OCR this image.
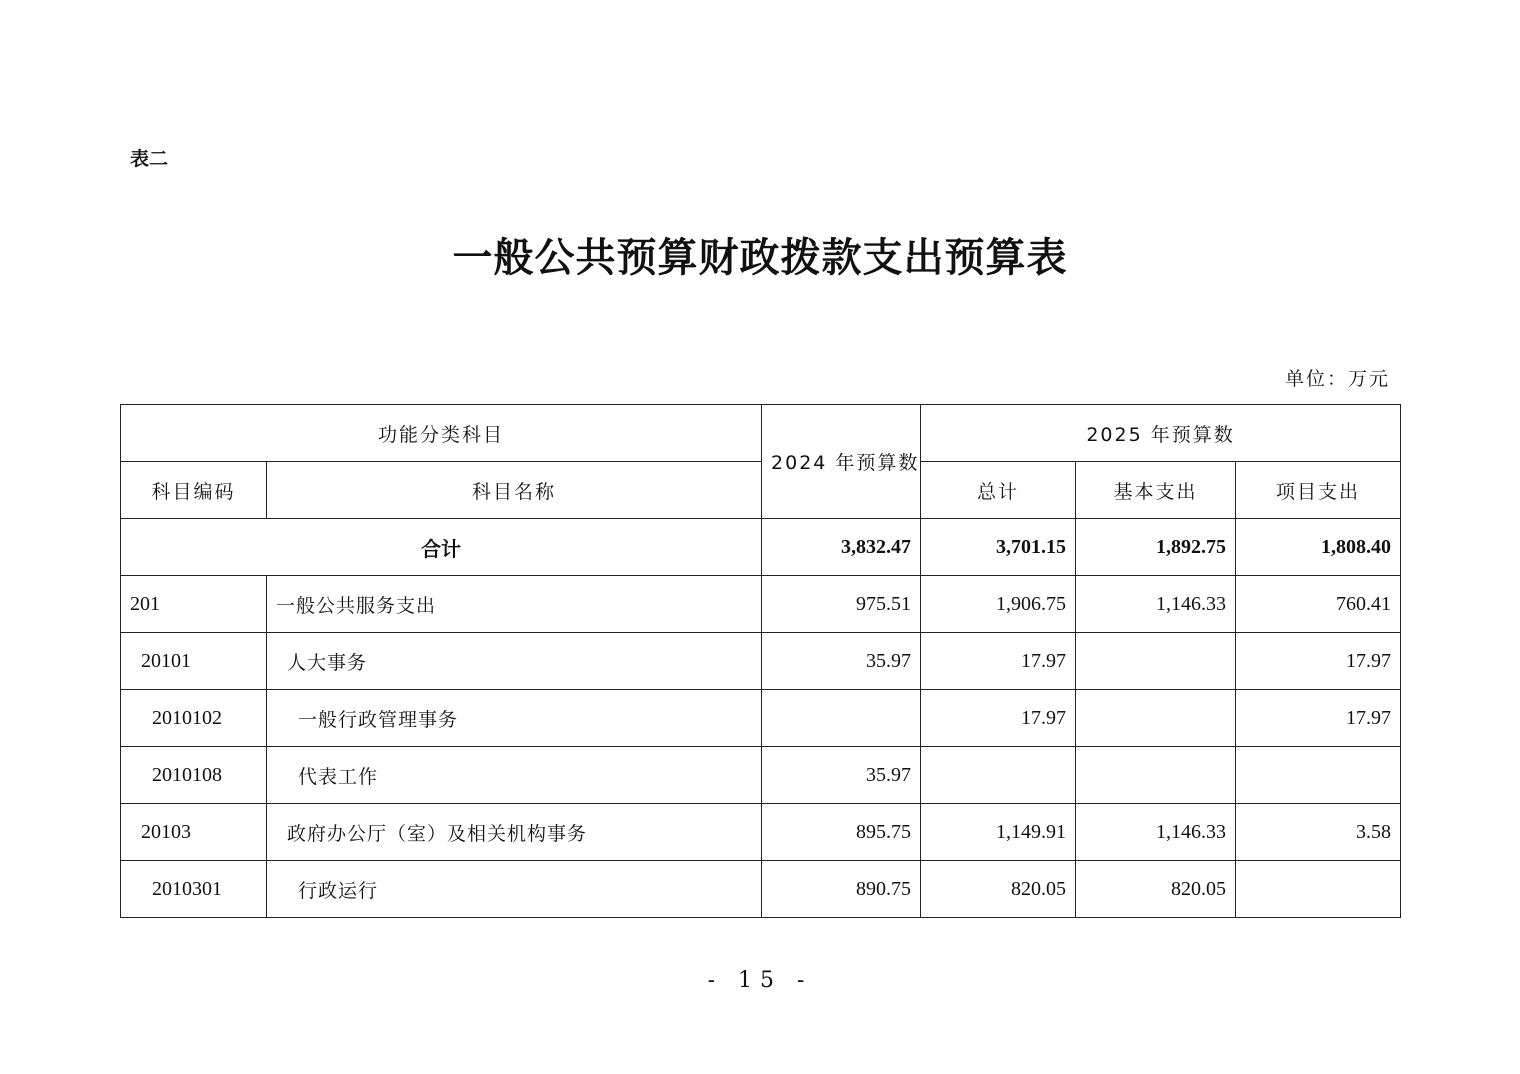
表二
一般公共预算财政拨款支出预算表
单位：万元
功能分类科目		2024 年预算数	2025 年预算数		
科目编码	科目名称		总计	基本支出	项目支出
合计		3,832.47	3,701.15	1,892.75	1,808.40
201	一般公共服务支出	975.51	1,906.75	1,146.33	760.41
20101	人大事务	35.97	17.97		17.97
2010102	一般行政管理事务		17.97		17.97
2010108	代表工作	35.97			
20103	政府办公厅（室）及相关机构事务	895.75	1,149.91	1,146.33	3.58
2010301	行政运行	890.75	820.05	820.05	
- 15 -
